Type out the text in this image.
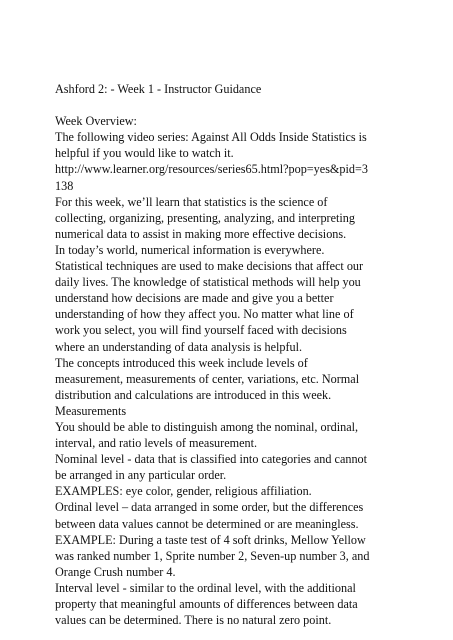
Ashford 2: - Week 1 - Instructor Guidance
Week Overview:
The following video series: Against All Odds Inside Statistics is
helpful if you would like to watch it.
http://www.learner.org/resources/series65.html?pop=yes&pid=3
138
For this week, we’ll learn that statistics is the science of
collecting, organizing, presenting, analyzing, and interpreting
numerical data to assist in making more effective decisions.
In today’s world, numerical information is everywhere.
Statistical techniques are used to make decisions that affect our
daily lives. The knowledge of statistical methods will help you
understand how decisions are made and give you a better
understanding of how they affect you. No matter what line of
work you select, you will find yourself faced with decisions
where an understanding of data analysis is helpful.
The concepts introduced this week include levels of
measurement, measurements of center, variations, etc. Normal
distribution and calculations are introduced in this week.
Measurements
You should be able to distinguish among the nominal, ordinal,
interval, and ratio levels of measurement.
Nominal level - data that is classified into categories and cannot
be arranged in any particular order.
EXAMPLES: eye color, gender, religious affiliation.
Ordinal level – data arranged in some order, but the differences
between data values cannot be determined or are meaningless.
EXAMPLE: During a taste test of 4 soft drinks, Mellow Yellow
was ranked number 1, Sprite number 2, Seven-up number 3, and
Orange Crush number 4.
Interval level - similar to the ordinal level, with the additional
property that meaningful amounts of differences between data
values can be determined. There is no natural zero point.
